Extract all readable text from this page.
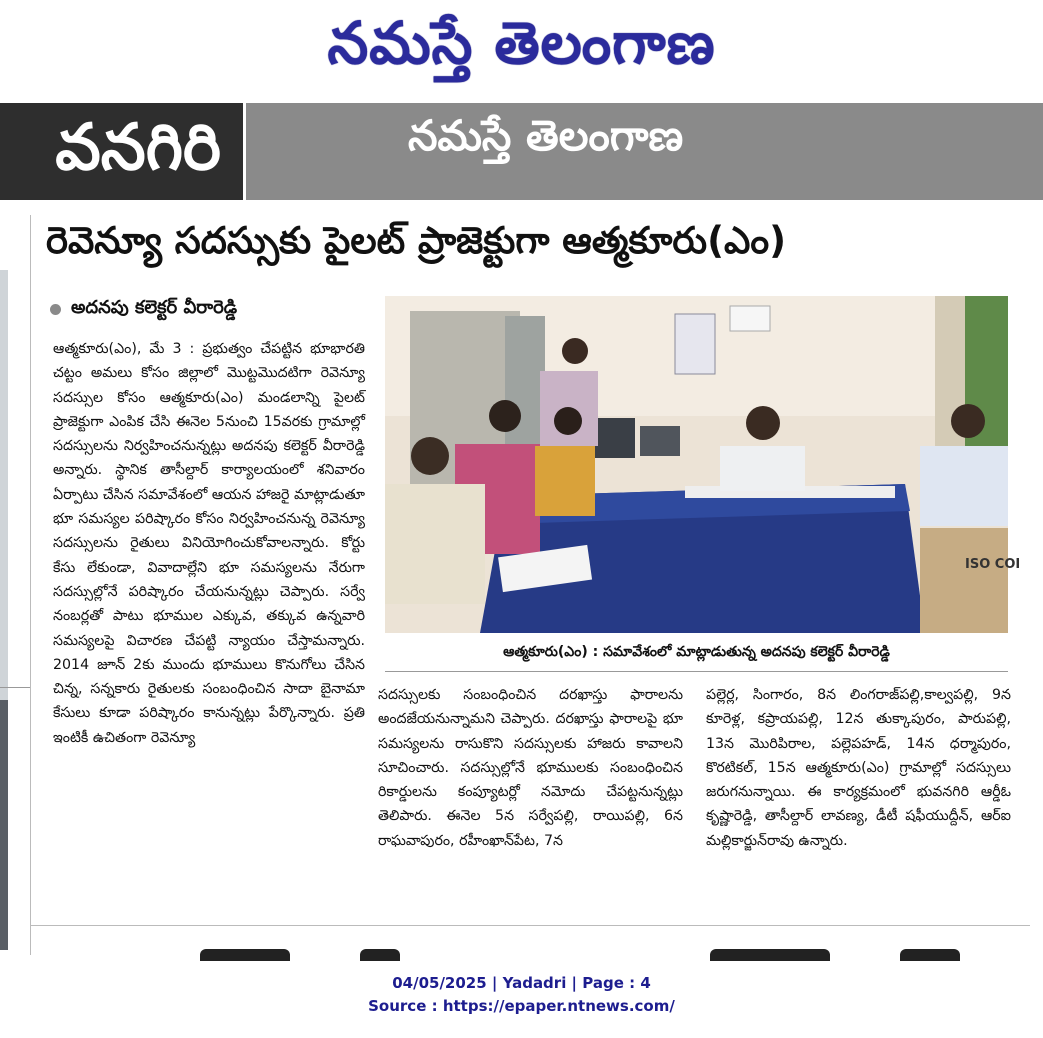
నమస్తే తెలంగాణ
వనగిరి	నమస్తే తెలంగాణ
రెవెన్యూ సదస్సుకు పైలట్ ప్రాజెక్టుగా ఆత్మకూరు(ఎం)
అదనపు కలెక్టర్ వీరారెడ్డి
ఆత్మకూరు(ఎం), మే 3 : ప్రభుత్వం చేపట్టిన భూభారతి చట్టం అమలు కోసం జిల్లాలో మొట్టమొదటిగా రెవెన్యూ సదస్సుల కోసం ఆత్మకూరు(ఎం) మండలాన్ని పైలట్ ప్రాజెక్టుగా ఎంపిక చేసి ఈనెల 5నుంచి 15వరకు గ్రామాల్లో సదస్సులను నిర్వహించనున్నట్లు అదనపు కలెక్టర్ వీరారెడ్డి అన్నారు. స్థానిక తాసీల్దార్ కార్యాలయంలో శనివారం ఏర్పాటు చేసిన సమావేశంలో ఆయన హాజరై మాట్లాడుతూ భూ సమస్యల పరిష్కారం కోసం నిర్వహించనున్న రెవెన్యూ సదస్సులను రైతులు వినియోగించుకోవాలన్నారు. కోర్టు కేసు లేకుండా, వివాదాల్లేని భూ సమస్యలను నేరుగా సదస్సుల్లోనే పరిష్కారం చేయనున్నట్లు చెప్పారు. సర్వే నంబర్లతో పాటు భూముల ఎక్కువ, తక్కువ ఉన్నవారి సమస్యలపై విచారణ చేపట్టి న్యాయం చేస్తామన్నారు. 2014 జూన్ 2కు ముందు భూములు కొనుగోలు చేసిన చిన్న, సన్నకారు రైతులకు సంబంధించిన సాదా బైనామా కేసులు కూడా పరిష్కారం కానున్నట్లు పేర్కొన్నారు. ప్రతి ఇంటికీ ఉచితంగా రెవెన్యూ
ISO COI
ఆత్మకూరు(ఎం) : సమావేశంలో మాట్లాడుతున్న అదనపు కలెక్టర్ వీరారెడ్డి
సదస్సులకు సంబంధించిన దరఖాస్తు ఫారాలను అందజేయనున్నామని చెప్పారు. దరఖాస్తు ఫారాలపై భూ సమస్యలను రాసుకొని సదస్సులకు హాజరు కావాలని సూచించారు. సదస్సుల్లోనే భూములకు సంబంధించిన రికార్డులను కంప్యూటర్లో నమోదు చేపట్టనున్నట్లు తెలిపారు. ఈనెల 5న సర్వేపల్లి, రాయిపల్లి, 6న రాఘవాపురం, రహీంఖాన్‌పేట, 7న
పల్లెర్ల, సింగారం, 8న లింగరాజ్‌పల్లి,కాల్వపల్లి, 9న కూరెళ్ల, కప్రాయపల్లి, 12న తుక్కాపురం, పారుపల్లి, 13న మొరిపిరాల, పల్లెపహడ్, 14న ధర్మాపురం, కొరటికల్, 15న ఆత్మకూరు(ఎం) గ్రామాల్లో సదస్సులు జరుగనున్నాయి. ఈ కార్యక్రమంలో భువనగిరి ఆర్డీఓ కృష్ణారెడ్డి, తాసీల్దార్ లావణ్య, డీటీ షఫీయుద్దీన్, ఆర్‌ఐ మల్లికార్జున్‌రావు ఉన్నారు.
04/05/2025 | Yadadri | Page : 4
Source : https://epaper.ntnews.com/
